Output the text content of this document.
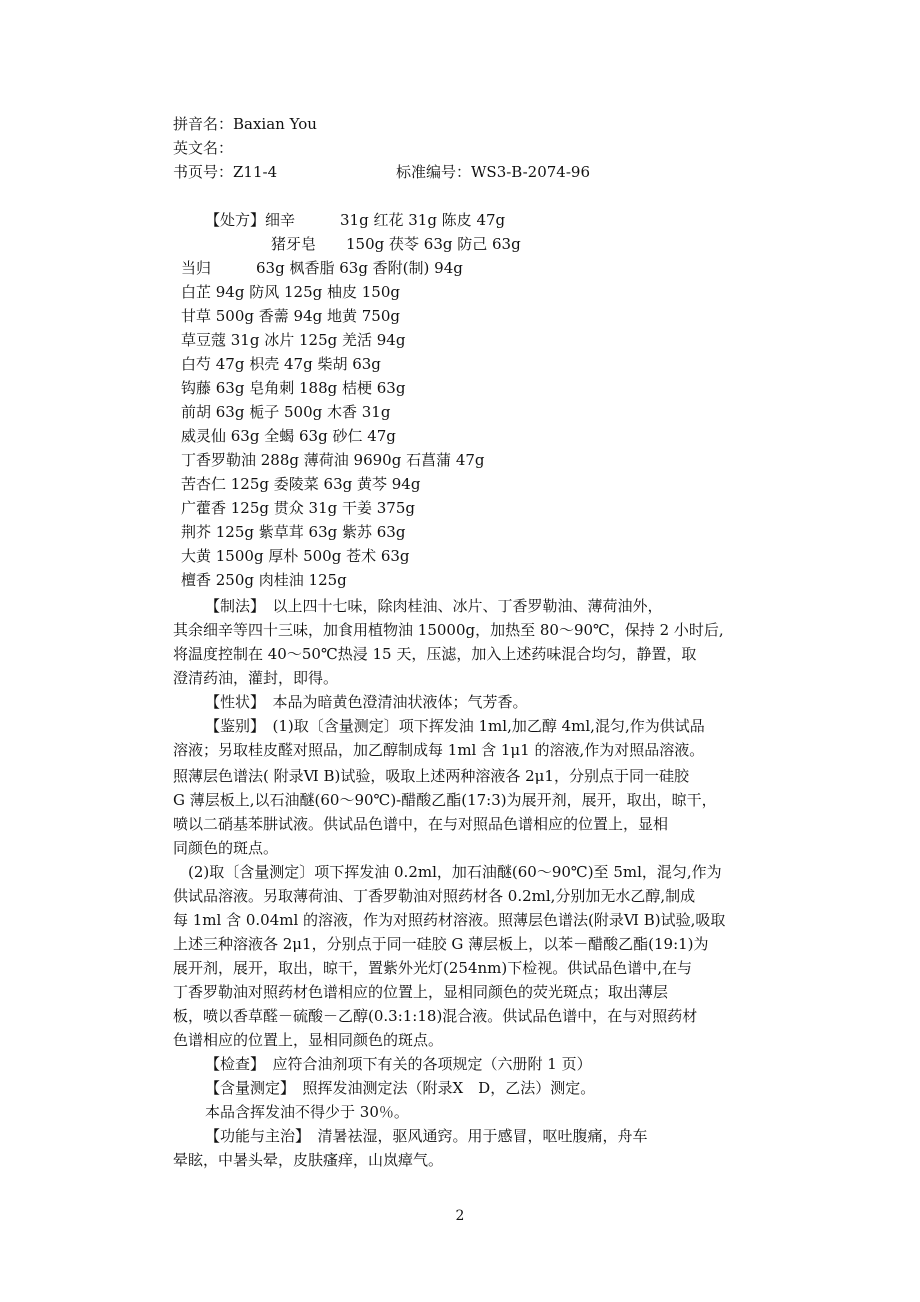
拼音名：Baxian You
英文名：
书页号：Z11-4	标准编号：WS3-B-2074-96
【处方】细辛　　　31g 红花 31g 陈皮 47g
猪牙皂　　150g 茯苓 63g 防己 63g
当归　　　63g 枫香脂 63g 香附(制) 94g
白芷 94g 防风 125g 柚皮 150g
甘草 500g 香薷 94g 地黄 750g
草豆蔻 31g 冰片 125g 羌活 94g
白芍 47g 枳壳 47g 柴胡 63g
钩藤 63g 皂角刺 188g 桔梗 63g
前胡 63g 栀子 500g 木香 31g
威灵仙 63g 全蝎 63g 砂仁 47g
丁香罗勒油 288g 薄荷油 9690g 石菖蒲 47g
苦杏仁 125g 委陵菜 63g 黄芩 94g
广藿香 125g 贯众 31g 干姜 375g
荆芥 125g 紫草茸 63g 紫苏 63g
大黄 1500g 厚朴 500g 苍术 63g
檀香 250g 肉桂油 125g
【制法】　以上四十七味，除肉桂油、冰片、丁香罗勒油、薄荷油外，
其余细辛等四十三味，加食用植物油 15000g，加热至 80～90℃，保持 2 小时后,
将温度控制在 40～50℃热浸 15 天，压滤，加入上述药味混合均匀，静置，取
澄清药油，灌封，即得。
【性状】　本品为暗黄色澄清油状液体；气芳香。
【鉴别】　(1)取〔含量测定〕项下挥发油 1ml,加乙醇 4ml,混匀,作为供试品
溶液；另取桂皮醛对照品，加乙醇制成每 1ml 含 1μ1 的溶液,作为对照品溶液。
照薄层色谱法( 附录Ⅵ B)试验，吸取上述两种溶液各 2μ1，分别点于同一硅胶
G 薄层板上,以石油醚(60～90℃)-醋酸乙酯(17:3)为展开剂，展开，取出，晾干，
喷以二硝基苯肼试液。供试品色谱中，在与对照品色谱相应的位置上，显相
同颜色的斑点。
(2)取〔含量测定〕项下挥发油 0.2ml，加石油醚(60～90℃)至 5ml，混匀,作为
供试品溶液。另取薄荷油、丁香罗勒油对照药材各 0.2ml,分别加无水乙醇,制成
每 1ml 含 0.04ml 的溶液，作为对照药材溶液。照薄层色谱法(附录Ⅵ B)试验,吸取
上述三种溶液各 2μ1，分别点于同一硅胶 G 薄层板上，以苯－醋酸乙酯(19:1)为
展开剂，展开，取出，晾干，置紫外光灯(254nm)下检视。供试品色谱中,在与
丁香罗勒油对照药材色谱相应的位置上，显相同颜色的荧光斑点；取出薄层
板，喷以香草醛－硫酸－乙醇(0.3:1:18)混合液。供试品色谱中，在与对照药材
色谱相应的位置上，显相同颜色的斑点。
【检查】　应符合油剂项下有关的各项规定（六册附 1 页）
【含量测定】　照挥发油测定法（附录Ⅹ　D，乙法）测定。
本品含挥发油不得少于 30％。
【功能与主治】　清暑祛湿，驱风通窍。用于感冒，呕吐腹痛，舟车
晕眩，中暑头晕，皮肤瘙痒，山岚瘴气。
2
